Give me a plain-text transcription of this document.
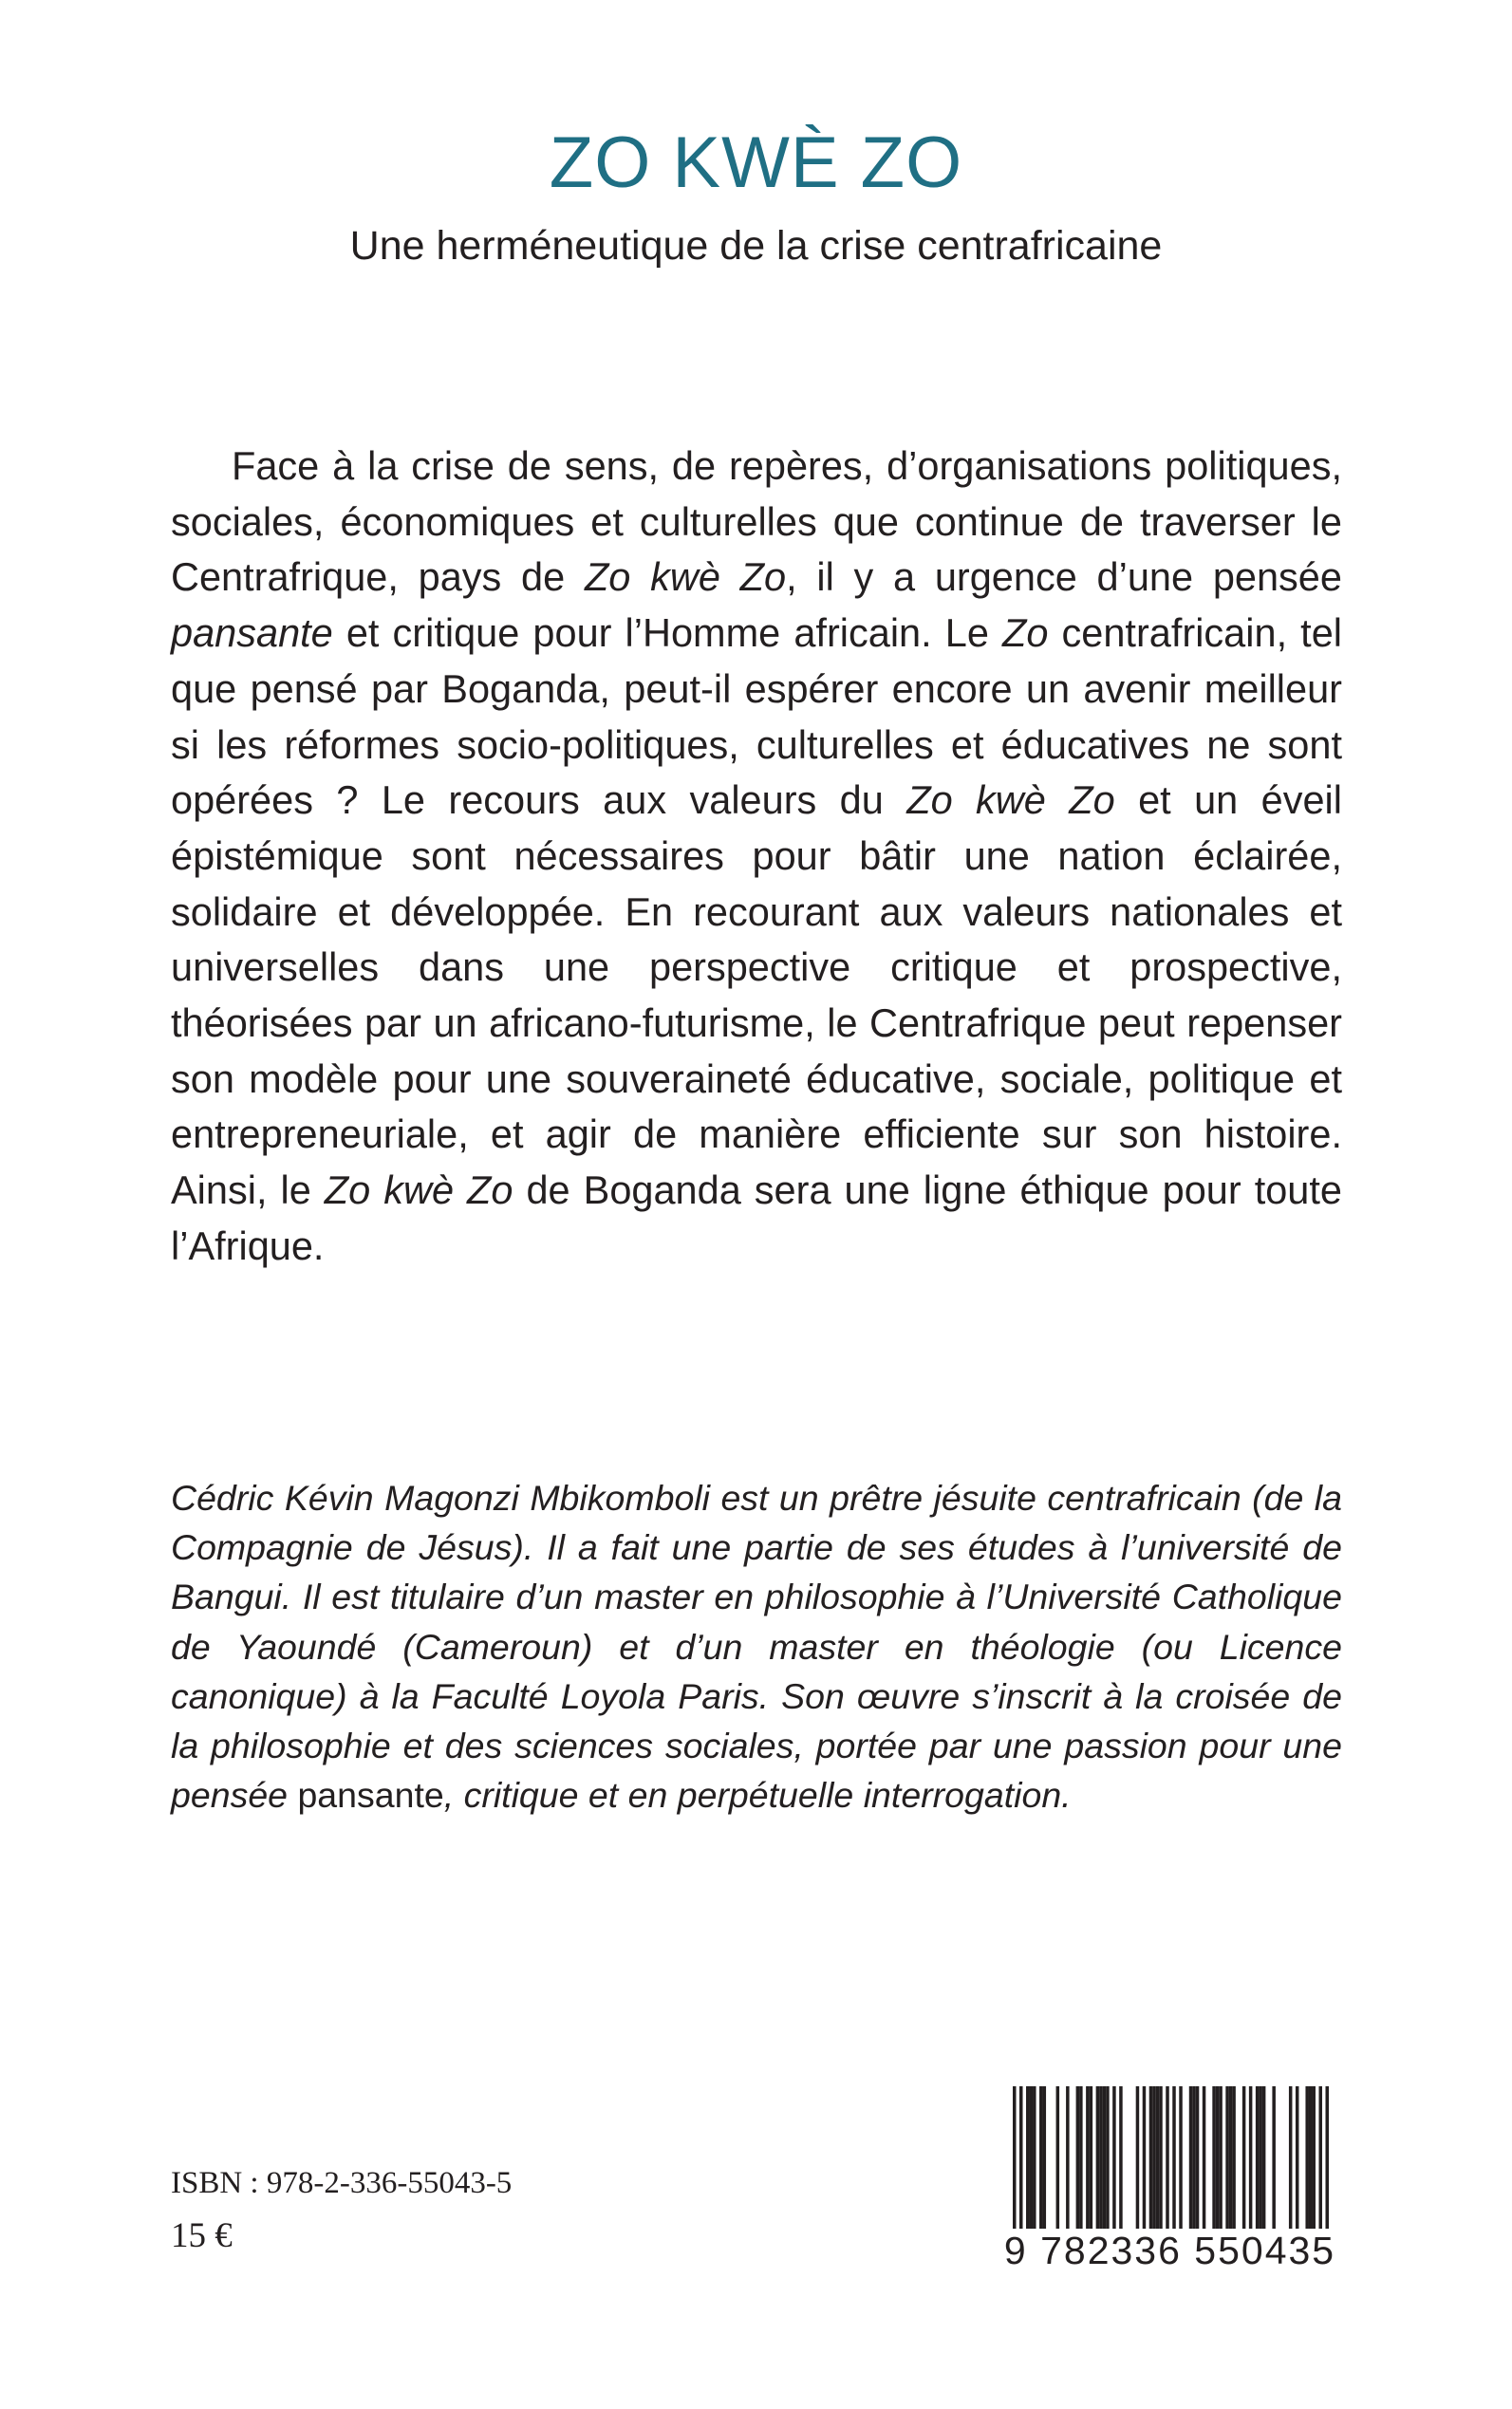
ZO KWÈ ZO
Une herméneutique de la crise centrafricaine

Face à la crise de sens, de repères, d’organisations politiques, sociales, économiques et culturelles que continue de traverser le Centrafrique, pays de Zo kwè Zo, il y a urgence d’une pensée pansante et critique pour l’Homme africain. Le Zo centrafricain, tel que pensé par Boganda, peut-il espérer encore un avenir meilleur si les réformes socio-politiques, culturelles et éducatives ne sont opérées ? Le recours aux valeurs du Zo kwè Zo et un éveil épistémique sont nécessaires pour bâtir une nation éclairée, solidaire et développée. En recourant aux valeurs nationales et universelles dans une perspective critique et prospective, théorisées par un africano-futurisme, le Centrafrique peut repenser son modèle pour une souveraineté éducative, sociale, politique et entrepreneuriale, et agir de manière efficiente sur son histoire. Ainsi, le Zo kwè Zo de Boganda sera une ligne éthique pour toute l’Afrique.

Cédric Kévin Magonzi Mbikomboli est un prêtre jésuite centrafricain (de la Compagnie de Jésus). Il a fait une partie de ses études à l’université de Bangui. Il est titulaire d’un master en philosophie à l’Université Catholique de Yaoundé (Cameroun) et d’un master en théologie (ou Licence canonique) à la Faculté Loyola Paris. Son œuvre s’inscrit à la croisée de la philosophie et des sciences sociales, portée par une passion pour une pensée pansante, critique et en perpétuelle interrogation.

ISBN : 978-2-336-55043-5
15 €	9 782336 550435
